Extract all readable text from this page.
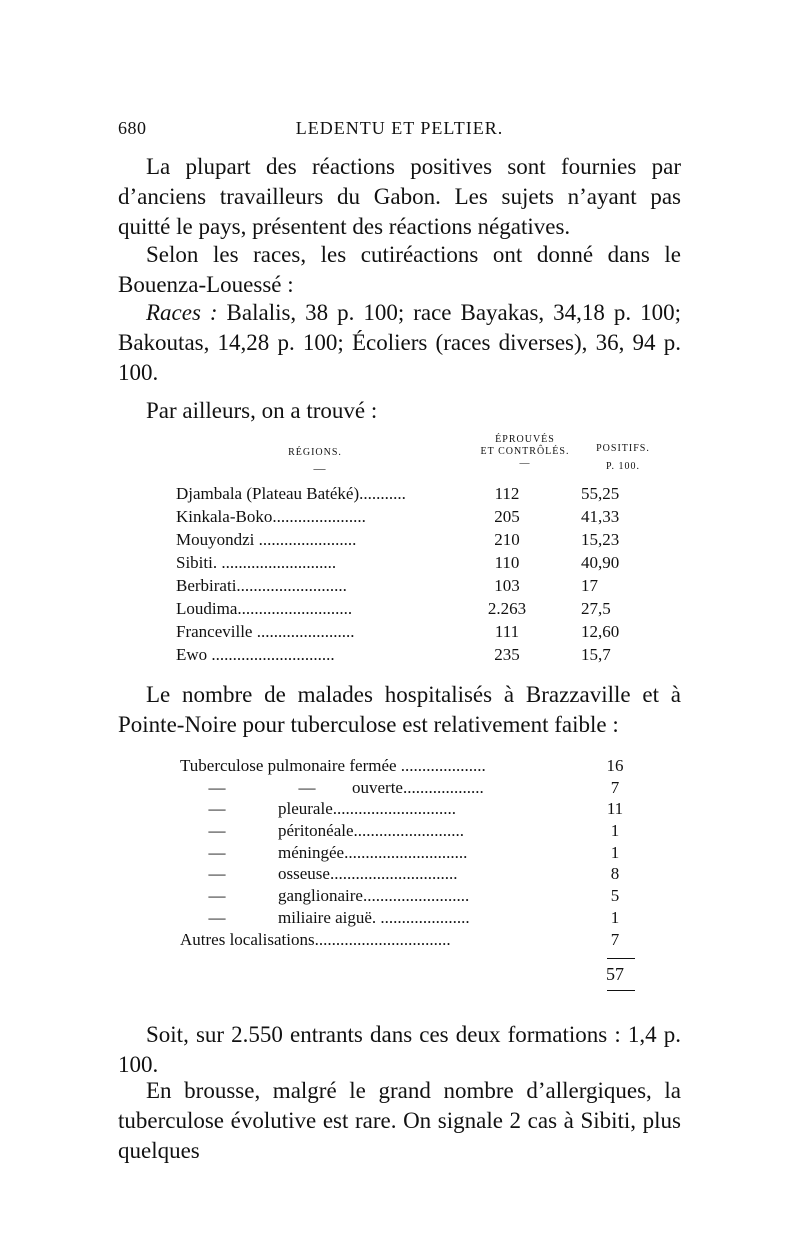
680	LEDENTU ET PELTIER.

La plupart des réactions positives sont fournies par d’anciens travailleurs du Gabon. Les sujets n’ayant pas quitté le pays, présentent des réactions négatives.

Selon les races, les cutiréactions ont donné dans le Bouenza-Louessé :

Races : Balalis, 38 p. 100; race Bayakas, 34,18 p. 100; Bakoutas, 14,28 p. 100; Écoliers (races diverses), 36, 94 p. 100.

Par ailleurs, on a trouvé :

RÉGIONS.
—
ÉPROUVÉS
ET CONTRÔLÉS.
—
POSITIFS.
P. 100.
Djambala (Plateau Batéké)...........	112	55,25
Kinkala-Boko......................	205	41,33
Mouyondzi .......................	210	15,23
Sibiti. ...........................	110	40,90
Berbirati..........................	103	17
Loudima...........................	2.263	27,5
Franceville .......................	111	12,60
Ewo .............................	235	15,7

Le nombre de malades hospitalisés à Brazzaville et à Pointe-Noire pour tuberculose est relativement faible :

Tuberculose pulmonaire fermée ....................	16
—	— ouverte...................	7
—	pleurale.............................	11
—	péritonéale..........................	1
—	méningée.............................	1
—	osseuse..............................	8
—	ganglionaire.........................	5
—	miliaire aiguë. .....................	1
Autres localisations................................	7
57

Soit, sur 2.550 entrants dans ces deux formations : 1,4 p. 100.

En brousse, malgré le grand nombre d’allergiques, la tuberculose évolutive est rare. On signale 2 cas à Sibiti, plus quelques
